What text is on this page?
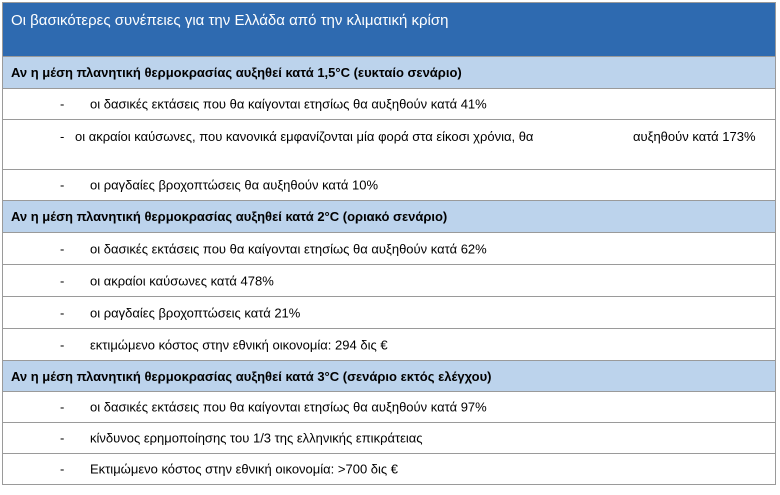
Οι βασικότερες συνέπειες για την Ελλάδα από την κλιματική κρίση
Αν η μέση πλανητική θερμοκρασίας αυξηθεί κατά 1,5°C (ευκταίο σενάριο)
- οι δασικές εκτάσεις που θα καίγονται ετησίως θα αυξηθούν κατά 41%
- οι ακραίοι καύσωνες, που κανονικά εμφανίζονται μία φορά στα είκοσι χρόνια, θα	αυξηθούν κατά 173%
- οι ραγδαίες βροχοπτώσεις θα αυξηθούν κατά 10%
Αν η μέση πλανητική θερμοκρασίας αυξηθεί κατά 2°C (οριακό σενάριο)
- οι δασικές εκτάσεις που θα καίγονται ετησίως θα αυξηθούν κατά 62%
- οι ακραίοι καύσωνες κατά 478%
- οι ραγδαίες βροχοπτώσεις κατά 21%
- εκτιμώμενο κόστος στην εθνική οικονομία: 294 δις €
Αν η μέση πλανητική θερμοκρασίας αυξηθεί κατά 3°C (σενάριο εκτός ελέγχου)
- οι δασικές εκτάσεις που θα καίγονται ετησίως θα αυξηθούν κατά 97%
- κίνδυνος ερημοποίησης του 1/3 της ελληνικής επικράτειας
- Εκτιμώμενο κόστος στην εθνική οικονομία: >700 δις €
